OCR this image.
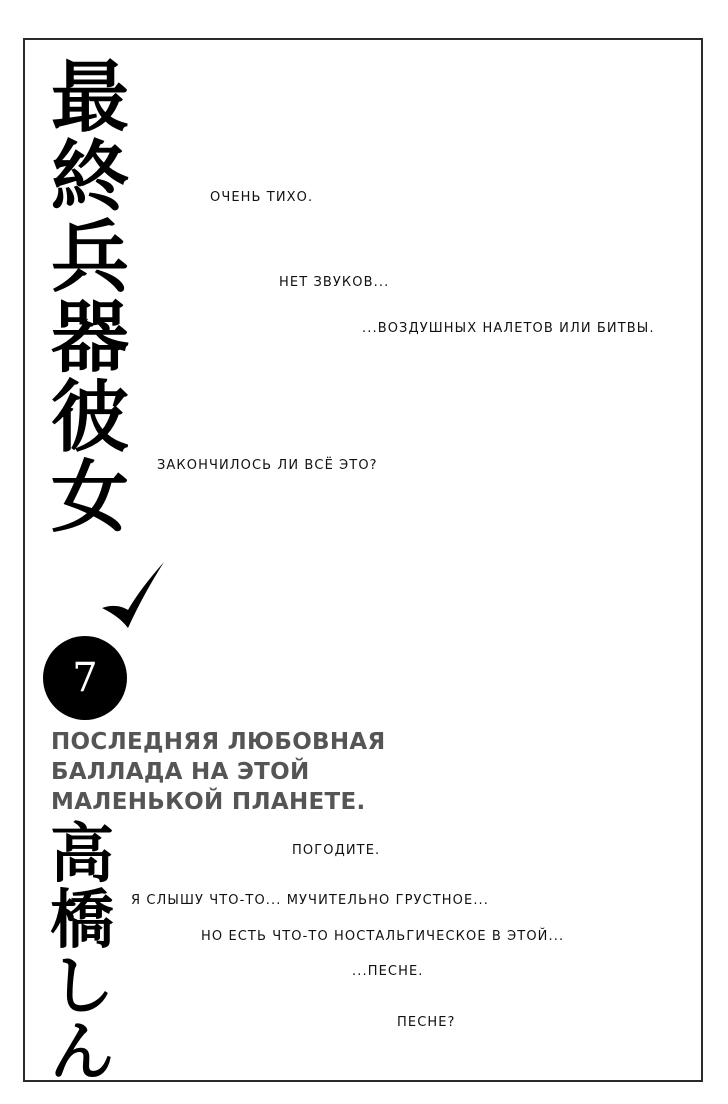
最
終
兵
器
彼
女
7
ПОСЛЕДНЯЯ ЛЮБОВНАЯ
БАЛЛАДА НА ЭТОЙ
МАЛЕНЬКОЙ ПЛАНЕТЕ.
高
橋
し
ん
ОЧЕНЬ ТИХО.
НЕТ ЗВУКОВ...
...ВОЗДУШНЫХ НАЛЕТОВ ИЛИ БИТВЫ.
ЗАКОНЧИЛОСЬ ЛИ ВСЁ ЭТО?
ПОГОДИТЕ.
Я СЛЫШУ ЧТО-ТО... МУЧИТЕЛЬНО ГРУСТНОЕ...
НО ЕСТЬ ЧТО-ТО НОСТАЛЬГИЧЕСКОЕ В ЭТОЙ...
...ПЕСНЕ.
ПЕСНЕ?
